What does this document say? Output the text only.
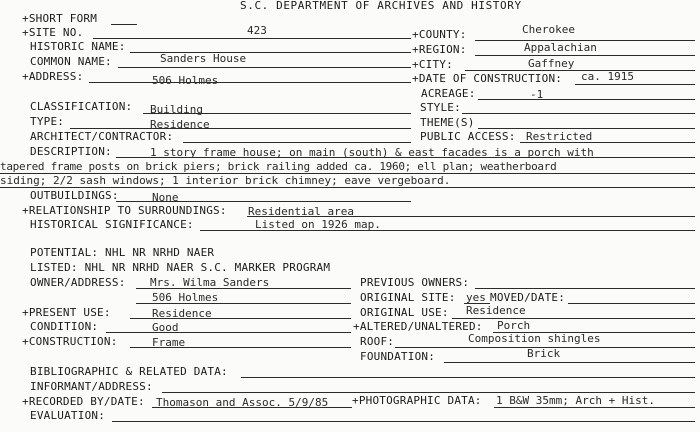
S.C. DEPARTMENT OF ARCHIVES AND HISTORY
+SHORT FORM
+SITE NO.	423
HISTORIC NAME:
COMMON NAME:	Sanders House
+ADDRESS:	506 Holmes
+COUNTY:	Cherokee
+REGION:	Appalachian
+CITY:	Gaffney
+DATE OF CONSTRUCTION: ca. 1915
ACREAGE:	-1
CLASSIFICATION: Building
TYPE:	Residence
ARCHITECT/CONTRACTOR:
STYLE:
THEME(S)
PUBLIC ACCESS: Restricted
DESCRIPTION:	1 story frame house; on main (south) & east facades is a porch with
tapered frame posts on brick piers; brick railing added ca. 1960; ell plan; weatherboard
siding; 2/2 sash windows; 1 interior brick chimney; eave vergeboard.
OUTBUILDINGS:	None
+RELATIONSHIP TO SURROUNDINGS: Residential area
HISTORICAL SIGNIFICANCE:	Listed on 1926 map.
POTENTIAL: NHL NR NRHD NAER
LISTED: NHL NR NRHD NAER S.C. MARKER PROGRAM
OWNER/ADDRESS: Mrs. Wilma Sanders
506 Holmes
PREVIOUS OWNERS:
ORIGINAL SITE: yes MOVED/DATE:
+PRESENT USE:	Residence	ORIGINAL USE: Residence
CONDITION:	Good	+ALTERED/UNALTERED: Porch
+CONSTRUCTION:	Frame	ROOF:	Composition shingles
FOUNDATION:	Brick
BIBLIOGRAPHIC & RELATED DATA:
INFORMANT/ADDRESS:
+RECORDED BY/DATE: Thomason and Assoc. 5/9/85 +PHOTOGRAPHIC DATA: 1 B&W 35mm; Arch + Hist.
EVALUATION:
